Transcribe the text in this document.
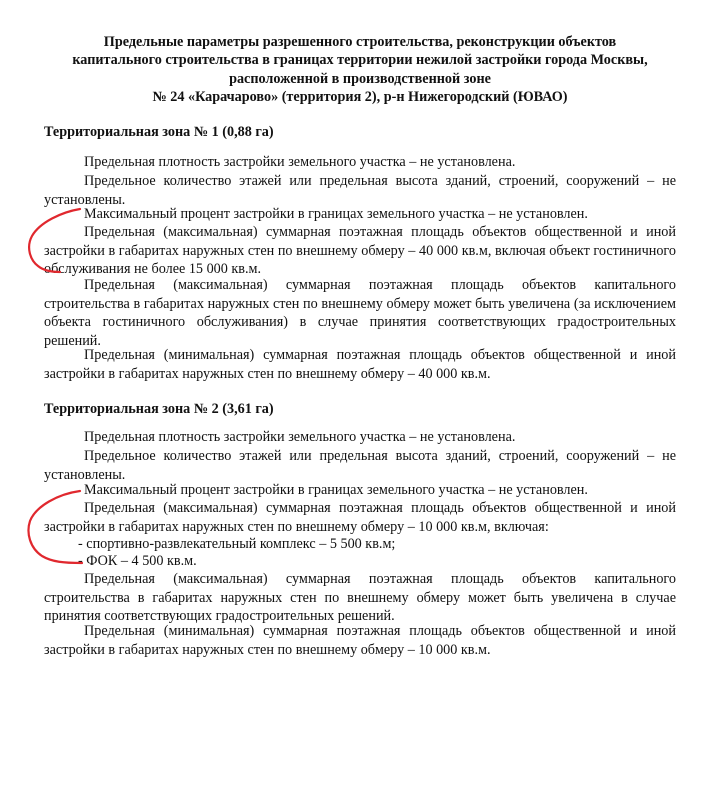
Предельные параметры разрешенного строительства, реконструкции объектов
капитального строительства в границах территории нежилой застройки города Москвы,
расположенной в производственной зоне
№ 24 «Карачарово» (территория 2), р-н Нижегородский (ЮВАО)
Территориальная зона № 1 (0,88 га)

Предельная плотность застройки земельного участка – не установлена.

Предельное количество этажей или предельная высота зданий, строений, сооружений – не установлены.

Максимальный процент застройки в границах земельного участка – не установлен.

Предельная (максимальная) суммарная поэтажная площадь объектов общественной и иной застройки в габаритах наружных стен по внешнему обмеру – 40 000 кв.м, включая объект гостиничного обслуживания не более 15 000 кв.м.

Предельная (максимальная) суммарная поэтажная площадь объектов капитального строительства в габаритах наружных стен по внешнему обмеру может быть увеличена (за исключением объекта гостиничного обслуживания) в случае принятия соответствующих градостроительных решений.

Предельная (минимальная) суммарная поэтажная площадь объектов общественной и иной застройки в габаритах наружных стен по внешнему обмеру – 40 000 кв.м.

Территориальная зона № 2 (3,61 га)

Предельная плотность застройки земельного участка – не установлена.

Предельное количество этажей или предельная высота зданий, строений, сооружений – не установлены.

Максимальный процент застройки в границах земельного участка – не установлен.

Предельная (максимальная) суммарная поэтажная площадь объектов общественной и иной застройки в габаритах наружных стен по внешнему обмеру – 10 000 кв.м, включая:

- спортивно-развлекательный комплекс – 5 500 кв.м;
- ФОК – 4 500 кв.м.

Предельная (максимальная) суммарная поэтажная площадь объектов капитального строительства в габаритах наружных стен по внешнему обмеру может быть увеличена в случае принятия соответствующих градостроительных решений.

Предельная (минимальная) суммарная поэтажная площадь объектов общественной и иной застройки в габаритах наружных стен по внешнему обмеру – 10 000 кв.м.
